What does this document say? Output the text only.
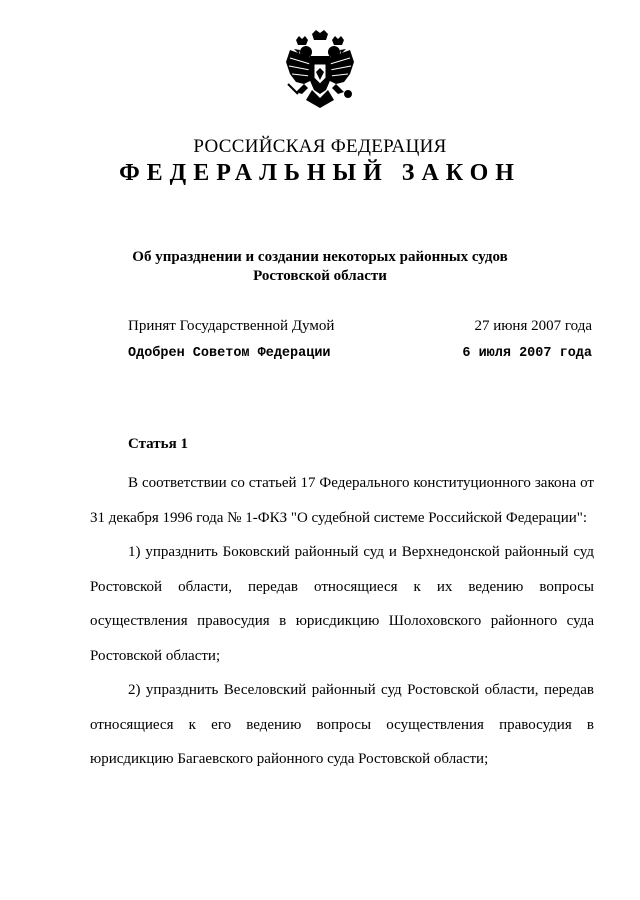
РОССИЙСКАЯ ФЕДЕРАЦИЯ
ФЕДЕРАЛЬНЫЙ ЗАКОН
Об упразднении и создании некоторых районных судов
Ростовской области
Принят Государственной Думой	27 июня 2007 года
Одобрен Советом Федерации	6 июля 2007 года
Статья 1

В соответствии со статьей 17 Федерального конституционного закона от 31 декабря 1996 года № 1-ФКЗ "О судебной системе Российской Федерации":

1) упразднить Боковский районный суд и Верхнедонской районный суд Ростовской области, передав относящиеся к их ведению вопросы осуществления правосудия в юрисдикцию Шолоховского районного суда Ростовской области;

2) упразднить Веселовский районный суд Ростовской области, передав относящиеся к его ведению вопросы осуществления правосудия в юрисдикцию Багаевского районного суда Ростовской области;
